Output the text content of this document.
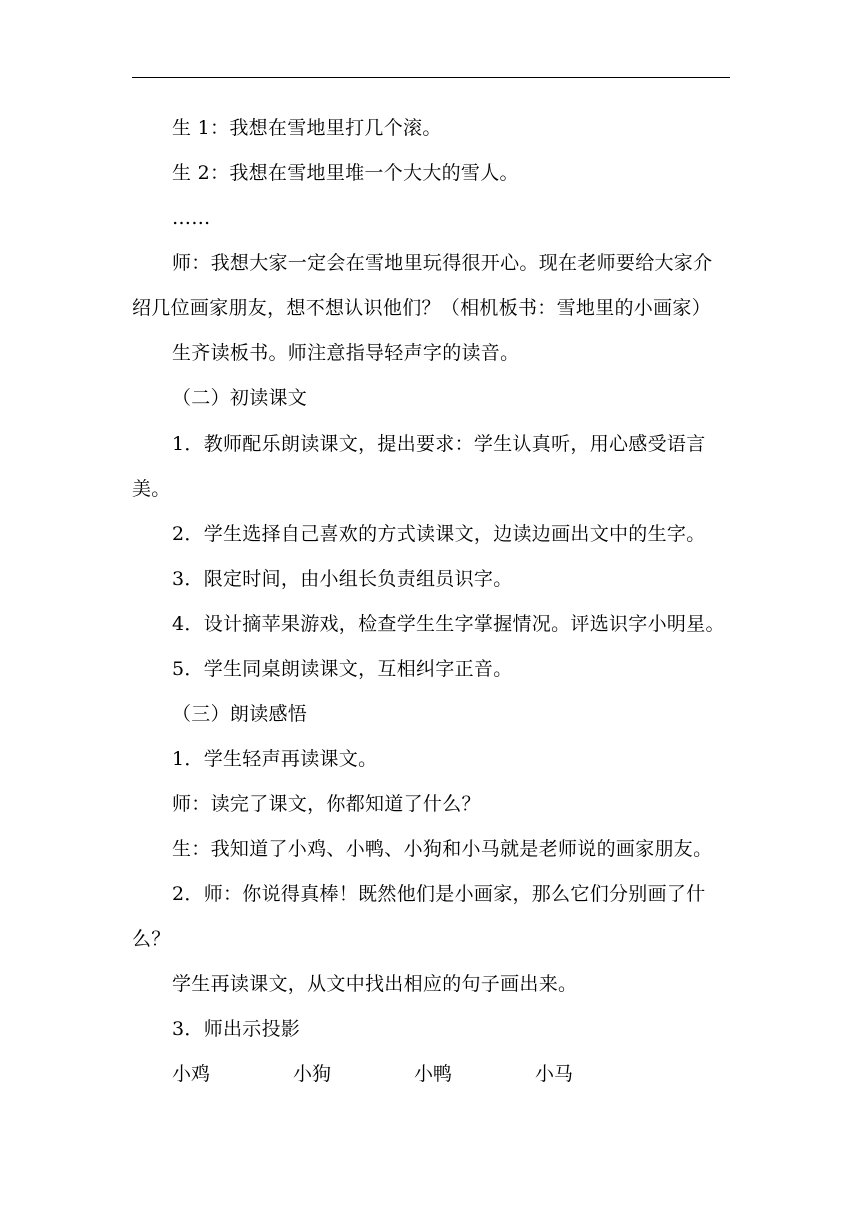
生 1：我想在雪地里打几个滚。
生 2：我想在雪地里堆一个大大的雪人。
……
师：我想大家一定会在雪地里玩得很开心。现在老师要给大家介
绍几位画家朋友，想不想认识他们？（相机板书：雪地里的小画家）
生齐读板书。师注意指导轻声字的读音。
（二）初读课文
1．教师配乐朗读课文，提出要求：学生认真听，用心感受语言
美。
2．学生选择自己喜欢的方式读课文，边读边画出文中的生字。
3．限定时间，由小组长负责组员识字。
4．设计摘苹果游戏，检查学生生字掌握情况。评选识字小明星。
5．学生同桌朗读课文，互相纠字正音。
（三）朗读感悟
1．学生轻声再读课文。
师：读完了课文，你都知道了什么？
生：我知道了小鸡、小鸭、小狗和小马就是老师说的画家朋友。
2．师：你说得真棒！既然他们是小画家，那么它们分别画了什
么？
学生再读课文，从文中找出相应的句子画出来。
3．师出示投影
小鸡	小狗	小鸭	小马
